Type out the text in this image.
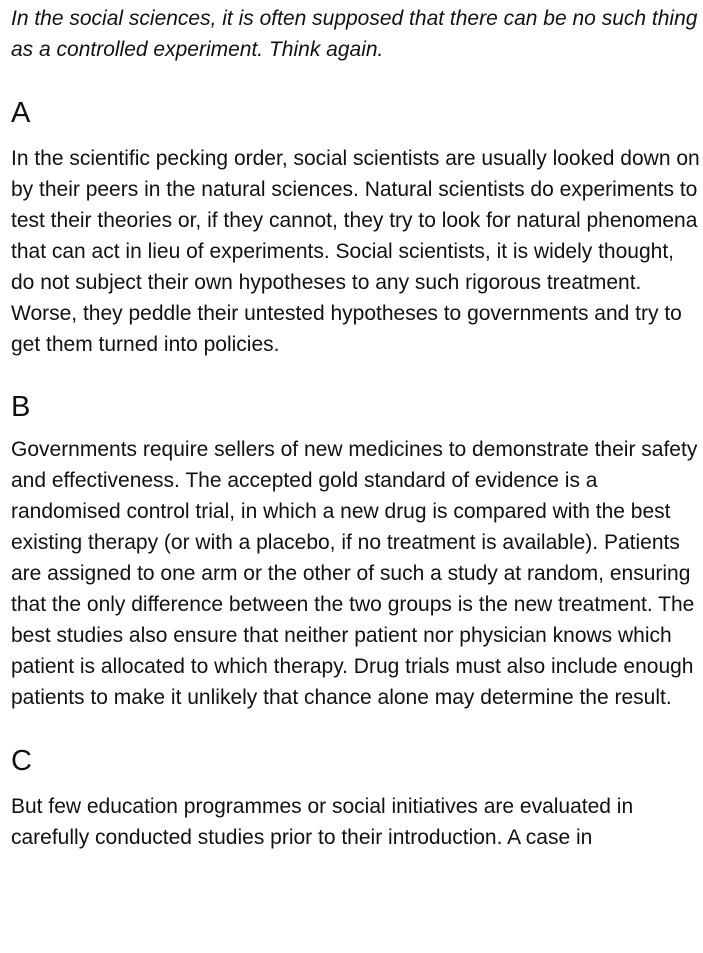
In the social sciences, it is often supposed that there can be no such thing as a controlled experiment. Think again.

A

In the scientific pecking order, social scientists are usually looked down on by their peers in the natural sciences. Natural scientists do experiments to test their theories or, if they cannot, they try to look for natural phenomena that can act in lieu of experiments. Social scientists, it is widely thought, do not subject their own hypotheses to any such rigorous treatment. Worse, they peddle their untested hypotheses to governments and try to get them turned into policies.

B

Governments require sellers of new medicines to demonstrate their safety and effectiveness. The accepted gold standard of evidence is a randomised control trial, in which a new drug is compared with the best existing therapy (or with a placebo, if no treatment is available). Patients are assigned to one arm or the other of such a study at random, ensuring that the only difference between the two groups is the new treatment. The best studies also ensure that neither patient nor physician knows which patient is allocated to which therapy. Drug trials must also include enough patients to make it unlikely that chance alone may determine the result.

C

But few education programmes or social initiatives are evaluated in carefully conducted studies prior to their introduction. A case in
